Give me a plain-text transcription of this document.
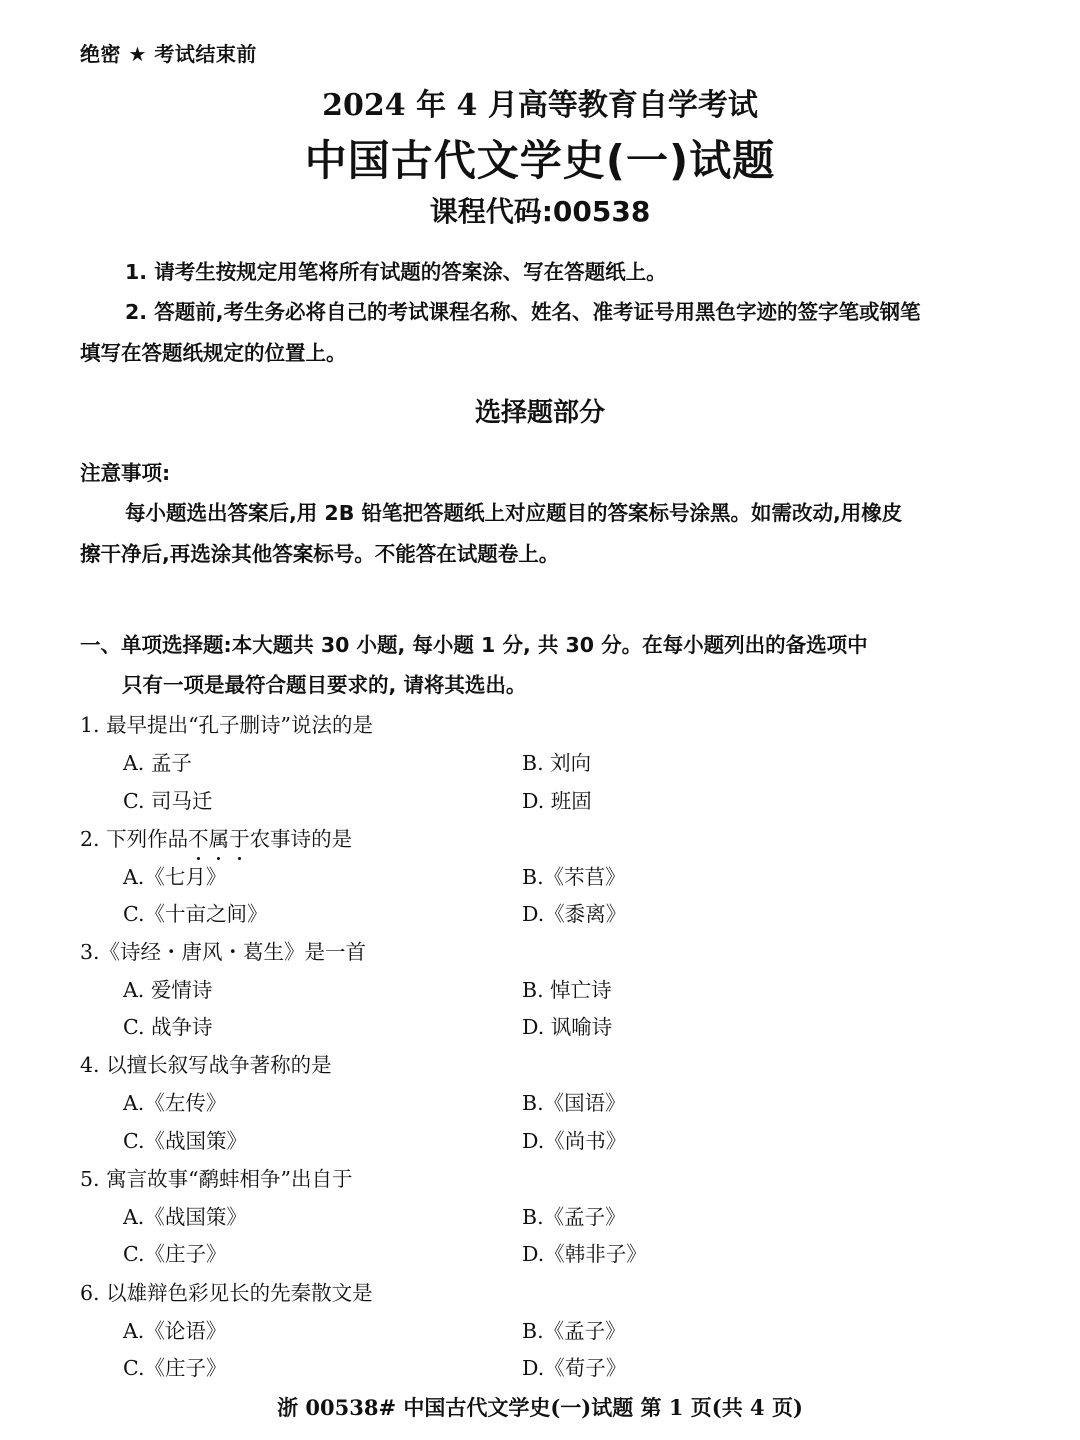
绝密 ★ 考试结束前
2024 年 4 月高等教育自学考试
中国古代文学史(一)试题
课程代码:00538
1. 请考生按规定用笔将所有试题的答案涂、写在答题纸上。
2. 答题前,考生务必将自己的考试课程名称、姓名、准考证号用黑色字迹的签字笔或钢笔
填写在答题纸规定的位置上。
选择题部分
注意事项:
每小题选出答案后,用 2B 铅笔把答题纸上对应题目的答案标号涂黑。如需改动,用橡皮
擦干净后,再选涂其他答案标号。不能答在试题卷上。
一、单项选择题:本大题共 30 小题, 每小题 1 分, 共 30 分。在每小题列出的备选项中
只有一项是最符合题目要求的, 请将其选出。
1. 最早提出“孔子删诗”说法的是
A. 孟子	B. 刘向
C. 司马迁	D. 班固
2. 下列作品不属于农事诗的是
A.《七月》	B.《芣苢》
C.《十亩之间》	D.《黍离》
3.《诗经・唐风・葛生》是一首
A. 爱情诗	B. 悼亡诗
C. 战争诗	D. 讽喻诗
4. 以擅长叙写战争著称的是
A.《左传》	B.《国语》
C.《战国策》	D.《尚书》
5. 寓言故事“鹬蚌相争”出自于
A.《战国策》	B.《孟子》
C.《庄子》	D.《韩非子》
6. 以雄辩色彩见长的先秦散文是
A.《论语》	B.《孟子》
C.《庄子》	D.《荀子》
浙 00538# 中国古代文学史(一)试题 第 1 页(共 4 页)
